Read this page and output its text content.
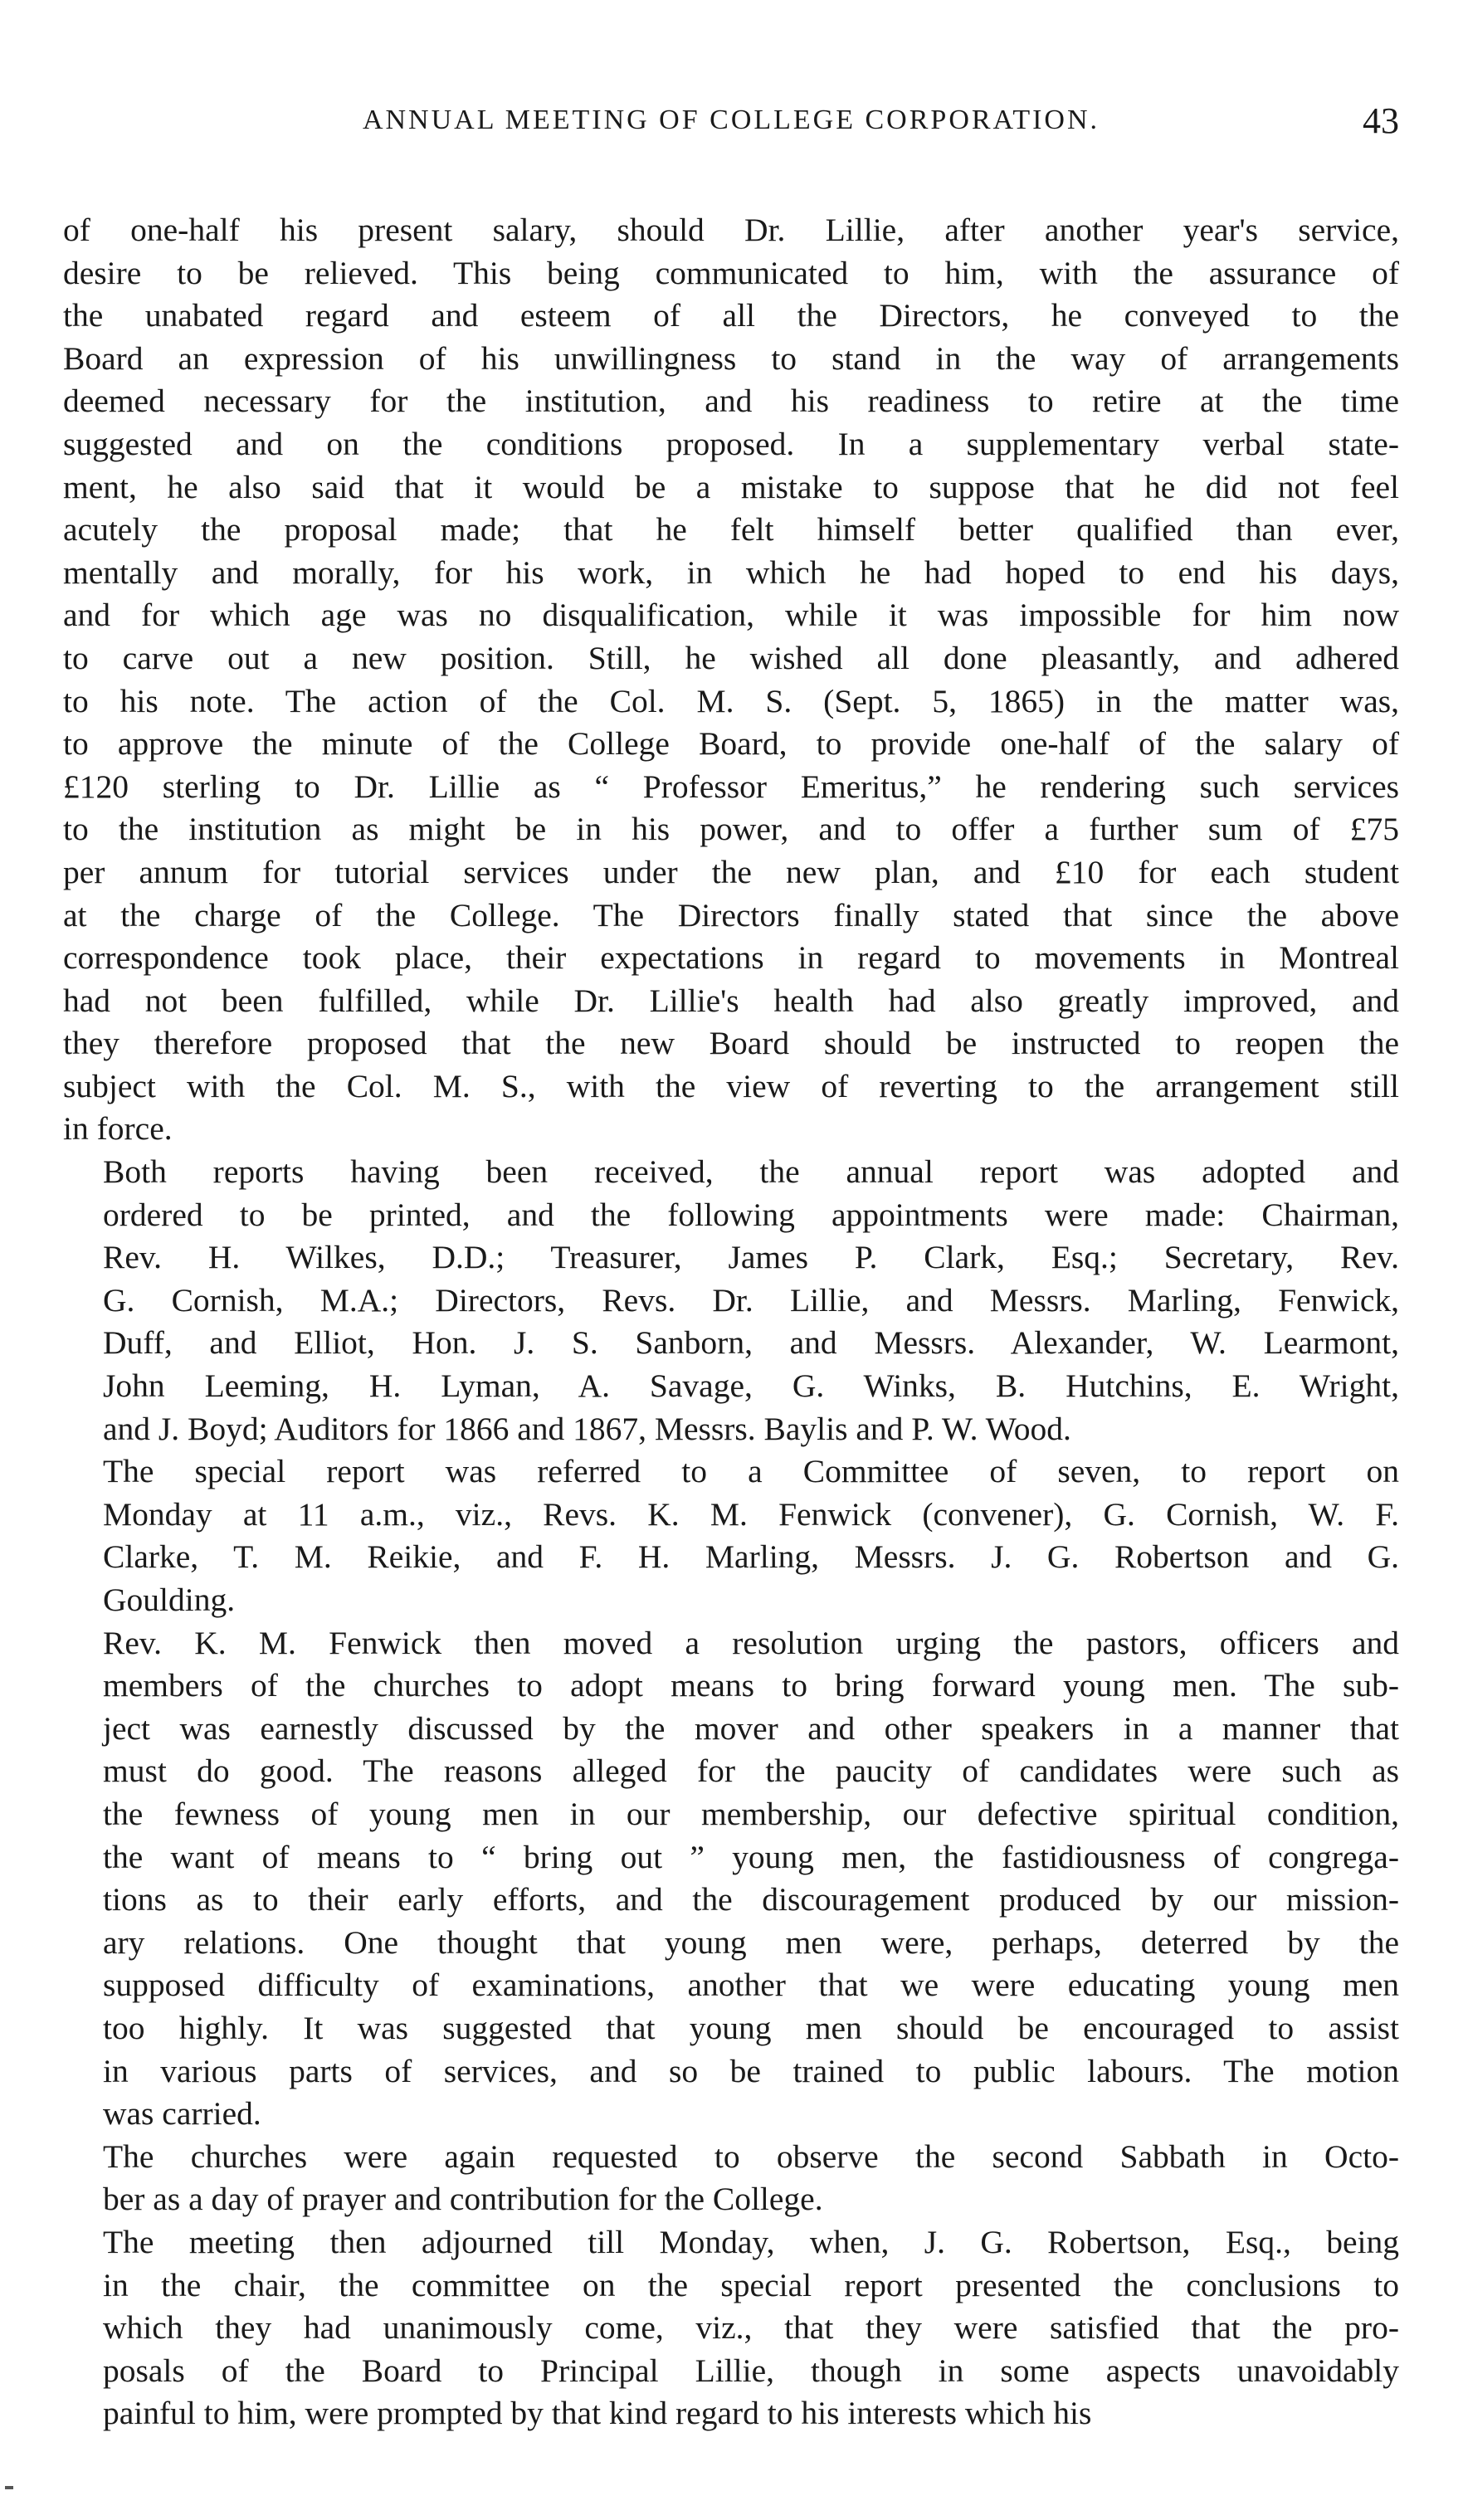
ANNUAL MEETING OF COLLEGE CORPORATION.	43

of one-half his present salary, should Dr. Lillie, after another year's service,
desire to be relieved. This being communicated to him, with the assurance of
the unabated regard and esteem of all the Directors, he conveyed to the
Board an expression of his unwillingness to stand in the way of arrangements
deemed necessary for the institution, and his readiness to retire at the time
suggested and on the conditions proposed. In a supplementary verbal state-
ment, he also said that it would be a mistake to suppose that he did not feel
acutely the proposal made; that he felt himself better qualified than ever,
mentally and morally, for his work, in which he had hoped to end his days,
and for which age was no disqualification, while it was impossible for him now
to carve out a new position. Still, he wished all done pleasantly, and adhered
to his note. The action of the Col. M. S. (Sept. 5, 1865) in the matter was,
to approve the minute of the College Board, to provide one-half of the salary of
£120 sterling to Dr. Lillie as “ Professor Emeritus,” he rendering such services
to the institution as might be in his power, and to offer a further sum of £75
per annum for tutorial services under the new plan, and £10 for each student
at the charge of the College. The Directors finally stated that since the above
correspondence took place, their expectations in regard to movements in Montreal
had not been fulfilled, while Dr. Lillie's health had also greatly improved, and
they therefore proposed that the new Board should be instructed to reopen the
subject with the Col. M. S., with the view of reverting to the arrangement still
in force.

Both reports having been received, the annual report was adopted and
ordered to be printed, and the following appointments were made: Chairman,
Rev. H. Wilkes, D.D.; Treasurer, James P. Clark, Esq.; Secretary, Rev.
G. Cornish, M.A.; Directors, Revs. Dr. Lillie, and Messrs. Marling, Fenwick,
Duff, and Elliot, Hon. J. S. Sanborn, and Messrs. Alexander, W. Learmont,
John Leeming, H. Lyman, A. Savage, G. Winks, B. Hutchins, E. Wright,
and J. Boyd; Auditors for 1866 and 1867, Messrs. Baylis and P. W. Wood.

The special report was referred to a Committee of seven, to report on
Monday at 11 a.m., viz., Revs. K. M. Fenwick (convener), G. Cornish, W. F.
Clarke, T. M. Reikie, and F. H. Marling, Messrs. J. G. Robertson and G.
Goulding.

Rev. K. M. Fenwick then moved a resolution urging the pastors, officers and
members of the churches to adopt means to bring forward young men. The sub-
ject was earnestly discussed by the mover and other speakers in a manner that
must do good. The reasons alleged for the paucity of candidates were such as
the fewness of young men in our membership, our defective spiritual condition,
the want of means to “ bring out ” young men, the fastidiousness of congrega-
tions as to their early efforts, and the discouragement produced by our mission-
ary relations. One thought that young men were, perhaps, deterred by the
supposed difficulty of examinations, another that we were educating young men
too highly. It was suggested that young men should be encouraged to assist
in various parts of services, and so be trained to public labours. The motion
was carried.

The churches were again requested to observe the second Sabbath in Octo-
ber as a day of prayer and contribution for the College.

The meeting then adjourned till Monday, when, J. G. Robertson, Esq., being
in the chair, the committee on the special report presented the conclusions to
which they had unanimously come, viz., that they were satisfied that the pro-
posals of the Board to Principal Lillie, though in some aspects unavoidably
painful to him, were prompted by that kind regard to his interests which his
